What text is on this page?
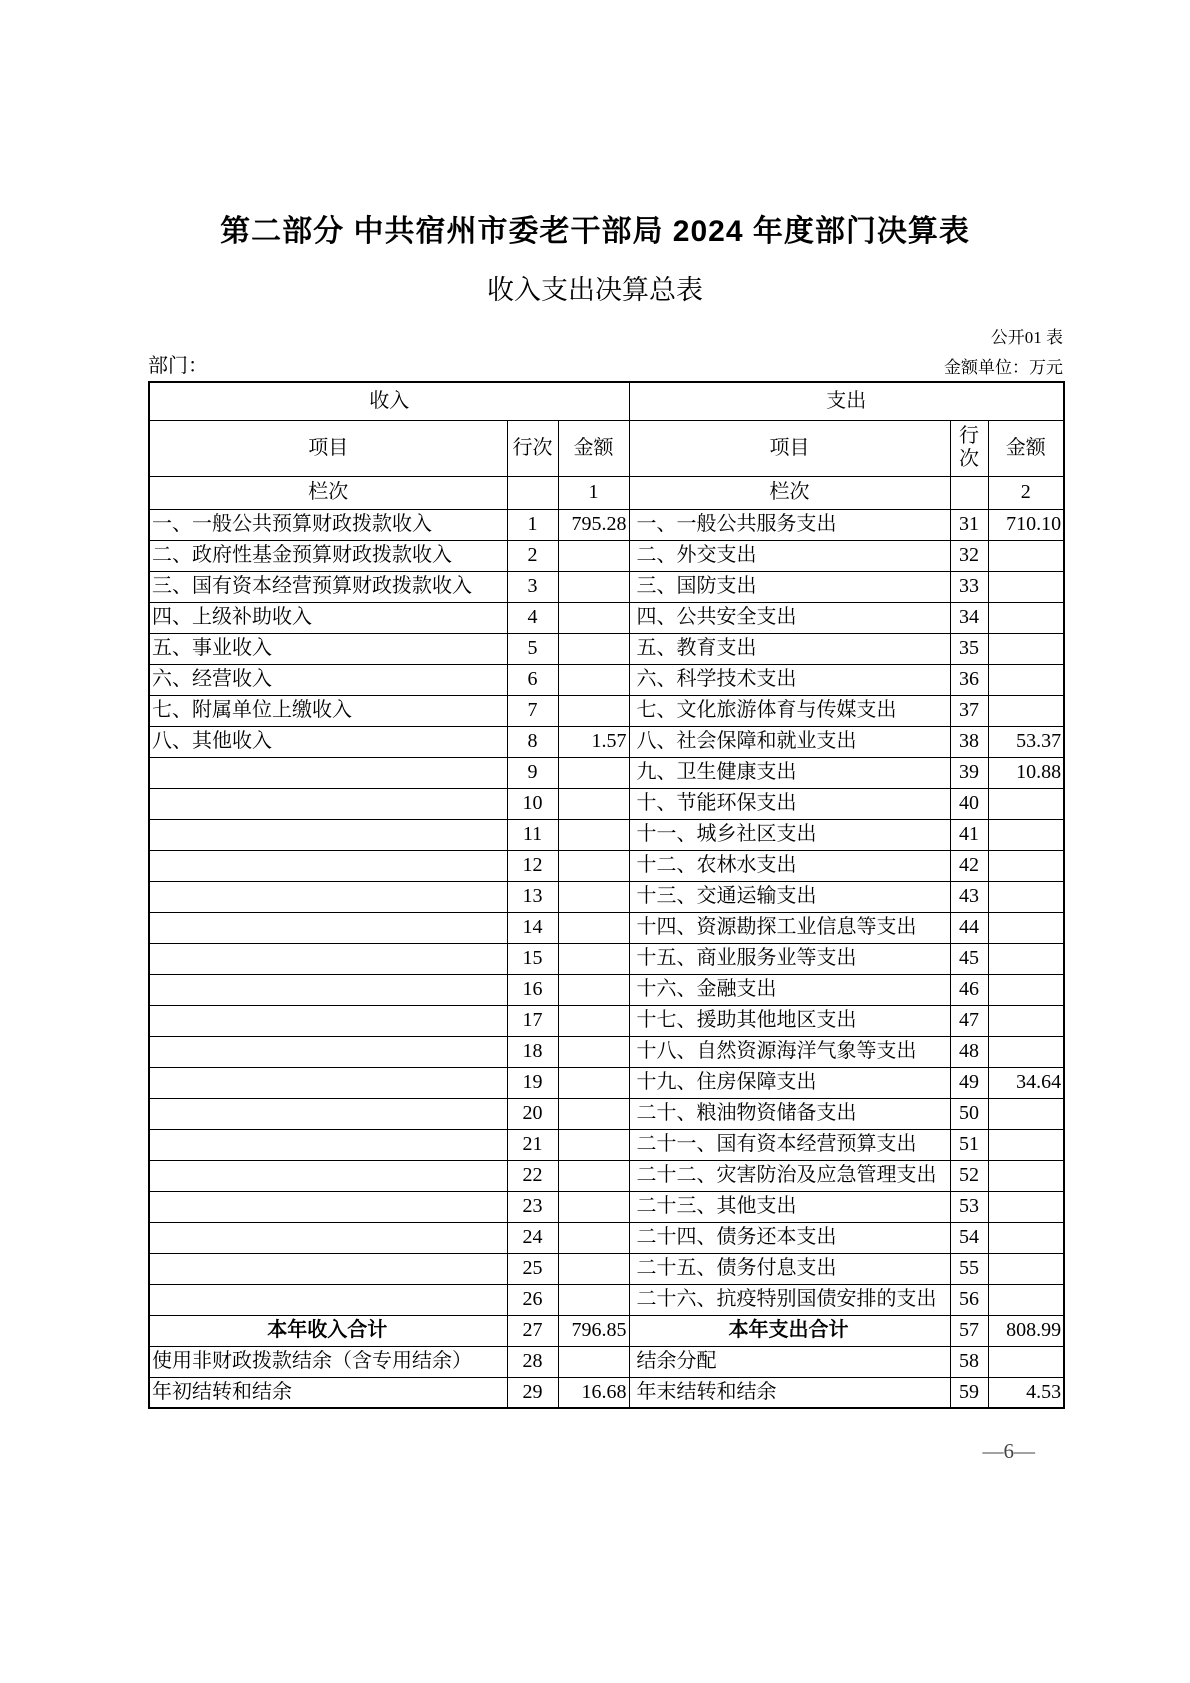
第二部分 中共宿州市委老干部局 2024 年度部门决算表
收入支出决算总表
公开01 表
部门：	金额单位：万元
收入			支出		
项目	行次	金额	项目	行次	金额
栏次		1	栏次		2
一、一般公共预算财政拨款收入	1	795.28	一、一般公共服务支出	31	710.10
二、政府性基金预算财政拨款收入	2		二、外交支出	32	
三、国有资本经营预算财政拨款收入	3		三、国防支出	33	
四、上级补助收入	4		四、公共安全支出	34	
五、事业收入	5		五、教育支出	35	
六、经营收入	6		六、科学技术支出	36	
七、附属单位上缴收入	7		七、文化旅游体育与传媒支出	37	
八、其他收入	8	1.57	八、社会保障和就业支出	38	53.37
	9		九、卫生健康支出	39	10.88
	10		十、节能环保支出	40	
	11		十一、城乡社区支出	41	
	12		十二、农林水支出	42	
	13		十三、交通运输支出	43	
	14		十四、资源勘探工业信息等支出	44	
	15		十五、商业服务业等支出	45	
	16		十六、金融支出	46	
	17		十七、援助其他地区支出	47	
	18		十八、自然资源海洋气象等支出	48	
	19		十九、住房保障支出	49	34.64
	20		二十、粮油物资储备支出	50	
	21		二十一、国有资本经营预算支出	51	
	22		二十二、灾害防治及应急管理支出	52	
	23		二十三、其他支出	53	
	24		二十四、债务还本支出	54	
	25		二十五、债务付息支出	55	
	26		二十六、抗疫特别国债安排的支出	56	
本年收入合计	27	796.85	本年支出合计	57	808.99
使用非财政拨款结余（含专用结余）	28		结余分配	58	
年初结转和结余	29	16.68	年末结转和结余	59	4.53
—6—
